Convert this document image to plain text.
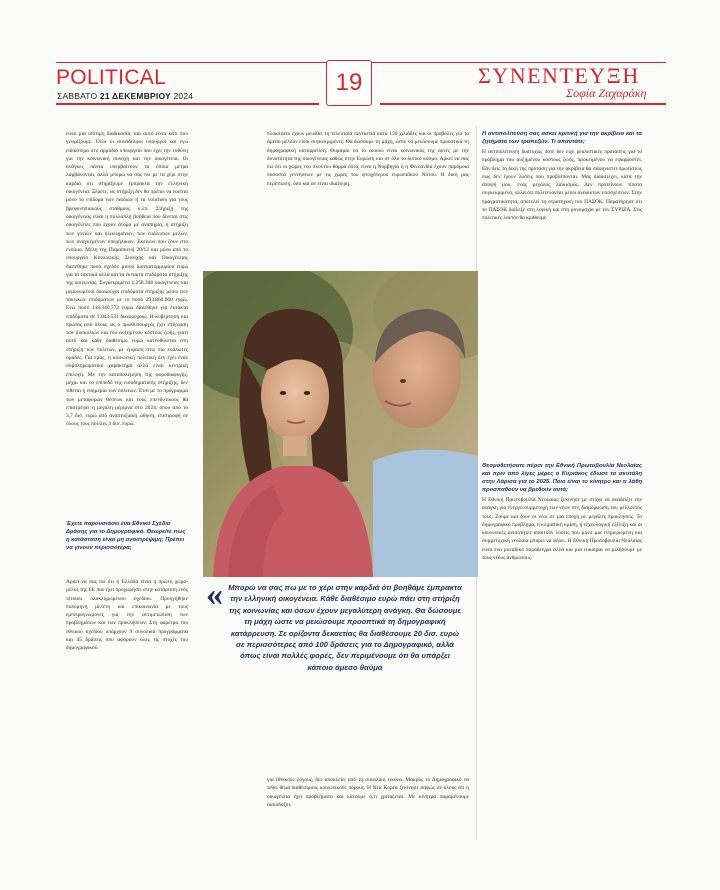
POLITICAL
ΣΑΒΒΑΤΟ 21 ΔΕΚΕΜΒΡΙΟΥ 2024	19	ΣΥΝΕΝΤΕΥΞΗ
Σοφία Ζαχαράκη
είναι μια ισότιμη διαδικασία, και αυτό είναι κάτι που γνωρίζουμε. Όλοι οι συνάδελφοι υπουργοί και εγώ ειδικότερα στο αρμόδιο υπουργείο που έχει την ευθύνη για την κοινωνική συνοχή και την οικογένεια. Οι ανάγκες πάντα υπερβαίνουν τα όποια μέτρα λαμβάνονται, αλλά μπορώ να σας πω με τα χέρι στην καρδιά ότι στηρίζουμε έμπρακτα την ελληνική οικογένεια. Ξέρετε, ως στήριξη δεν θα πρέπει να νοείται μόνο το επίδομα των παιδιών ή τα vouchers για τους βρεφονηπιακούς σταθμούς κ.λπ. Στήριξη της οικογένειας είναι η πολλαπλή βοήθεια που δίνεται στις οικογένειες που έχουν άτομα με αναπηρία, η στήριξη των γονιών και ηλικιωμένων, των ευάλωτων μελών, των αναγκεμένων υπερήλικων. Εκείνων που ζουν στο ενοίκιο. Μέλη της Παρασκευή 20/12 και μόνο από το υπουργείο Κοινωνικής Συνοχής και Οικογένειας διατέθηκε ποσό σχεδόν μισού δισεκατομμυρίου ευρώ για τα τακτικά αλλά και τα έκτακτα επιδόματα στήριξης της κοινωνίας. Συγκεκριμένα 1.258.308 οικογένειες και μεμονωμένοι δικαιούχοι επιδόματα στήριξης μέσω των τακτικών επιδομάτων με το ποσό 293.860.060 ευρώ. Ενώ ποσό 118.340.772 ευρώ διατέθηκε για έκτακτα επιδόματα σε 1.043.533 δικαιούχους. Η κυβέρνηση και πρώτος από όλους ως ο πρωθυπουργός έχει επίγνωση των δυσκολιών και του αυξημένου κόστους ζωής, γιατί αυτό και κάθε διαθέσιμο ευρώ κατευθύνεται στη στήριξη των πολιτών, με έμφαση στις πιο ευάλωτες ομάδες. Για εμάς, η κοινωνική πολιτική δεν έχει έναν συμπληρωματικό χαρακτήρα αλλά είναι κεντρική επιλογή. Με την καταπολέμηση της φοροδιαφυγής, μέχρι και το επίπεδο της εισοδηματικής στήριξης, δεν τίθεται η ευημερία των πολιτών. Έτσι με το πρόγραμμα των μεταφορών θέσεων και τους επενδυτικούς θα επιστρέψει η μεγάλη μέριμνα στο 2024, όπου από το 3,7 δισ. ευρώ από αναπτυξιακή ώθηση, επιστροφή σε όλους τους πολίτες 3 δισ. ευρώ.
πλοκότατο έχουν μειωθεί τη τελευταία πενταετία κατά 150 χιλιάδες και οι προβολές για το άμεσο μέλλον είναι συγκεκριμένες. Θα δώσουμε τη μάχη, ώστε να μειώσουμε προοπτικά τη δημογραφική κατάρρευση. Θυμάμαι να το ακούω είναι κοινωνικός της αυτές με την δυνατότητα της οικογένειας καθώς στην Ευρώπη και σε όλο το δυτικό κόσμο. Αρκεί να σας πω ότι οι χώρες του πλούτου θαρρά όπως είναι η Νορβηγία ή η Φινλανδία έχουν παρόμοια ποσοστά γεννήσεων με τις χώρες του φτωχότερου ευρωπαϊκού Νότου. Η δική μας περίπτωση, όσο και αν είναι ιδιαίτερη.
Η αντιπολίτευση σας ασκεί κριτική για την ακρίβεια και τα ζητήματα των τραπεζών. Τι απαντάτε;
Η αντιπολίτευση δυστυχώς ποτέ δεν είχε ρεαλιστικές προτάσεις για το πρόβλημα του αυξημένου κόστους ζωής, προκειμένου να εφαρμοστεί. Εάν δεις τη δική της πρόταση για την ακρίβεια θα σαφηνιστεί πρωτίστως πως δεν έχουν λύσεις που προβλέπονται. Μας διακατέχει, κατά την άποψή μου, ένας μεγάλος λαϊκισμός. Δεν προτείνουν τίποτα συγκεκριμένο, αλλά ότι πολιτεύονται μέσω ανέφικτων υποσχέσεων. Στην πραγματικότητα, αποτελεί τη στρατηγική του ΠΑΣΟΚ. Παρατήρησε ότι το ΠΑΣΟΚ διάλεξε στη λογική και στη μονομαχία με τον ΣΥΡΙΖΑ. Στις πολιτικές λοιπόν θα κριθούμε.
« Μπορώ να σας πω με το χέρι στην καρδιά ότι βοηθάμε έμπρακτα την ελληνική οικογένεια. Κάθε διαθέσιμο ευρώ πάει στη στήριξη της κοινωνίας και όσων έχουν μεγαλύτερη ανάγκη. Θα δώσουμε τη μάχη ώστε να μειώσουμε προοπτικά τη δημογραφική κατάρρευση. Σε ορίζοντα δεκαετίας θα διαθέσουμε 20 δισ. ευρώ σε περισσότερες από 100 δράσεις για το Δημογραφικό, αλλά όπως είναι πολλές φορές, δεν περιμένουμε ότι θα υπάρξει κάποιο άμεσο θαύμα
Έχετε παρουσιάσει ένα Εθνικό Σχέδιο Δράσης για το Δημογραφικό. Θεωρείτε πως η κατάσταση είναι μη αναστρέψιμη; Πρέπει να γίνουν περισσότερα;
Αρκεί να σας πω ότι η Ελλάδα είναι η πρώτη χώρα-μέλος της ΕΕ που έχει προχωρήσει στην κατάρτιση ενός τέτοιου ολοκληρωμένου σχεδίου. Προηγήθηκε πολύμηνη μελέτη και επικοινωνία με τους εμπειρογνώμονες για την αντιμετώπιση των προβλημάτων και των προκλήσεων. Στη φαρέτρα του εθνικού σχεδίου υπάρχουν 9 συνολικά προγράμματα και 45 δράσεις που αφορούν όλες τις πτυχές του δημογραφικού.
για εθνικούς λόγους, δεν αποκλείει από τη συνολική εικόνα. Μακρύς το Δημογραφικό να τεθεί θέμα διαθέσιμους κοινωνικούς πόρους. Η Νέα Κορέα ξεκίνησε σαφώς σε όλους ότι η οικογένεια έχει προβλήματα και κάνουμε ό,τι χρειάζεται. Με κίνητρα παραμένουμε αισιόδοξοι.
Θεσμοθετήσατε πέρσι την Εθνική Πρωτοβουλία Νεολαίας και πριν από λίγες μέρες ο Κυριάκος έδωσε το σκυτάλη στην Λάρισα για το 2025. Ποιο είναι το κίνητρο και τι λάθη προσπαθούν να βρεθούν αυτά;
Η Εθνική Πρωτοβουλία Νεολαίας ξεκίνησε με στόχο να αναδείξει την ανάγκη για ενεργό συμμετοχή των νέων στη διαμόρφωση του μέλλοντός τους. Ζούμε και ζουν οι νέοι σε μια εποχή με μεγάλες προκλήσεις. Το δημογραφικό πρόβλημα, η κλιματική κρίση, η τεχνολογική εξέλιξη και οι κοινωνικές ανισότητες απαιτούν λύσεις που μόνο μια ενημερωμένη και συμμετοχική νεολαία μπορεί να φέρει. Η Εθνική Πρωτοβουλία Νεολαίας είναι ένα μοναδικό παράδειγμα αλλά και μια ευκαιρία να μιλήσουμε με τους νέους ανθρώπους.
